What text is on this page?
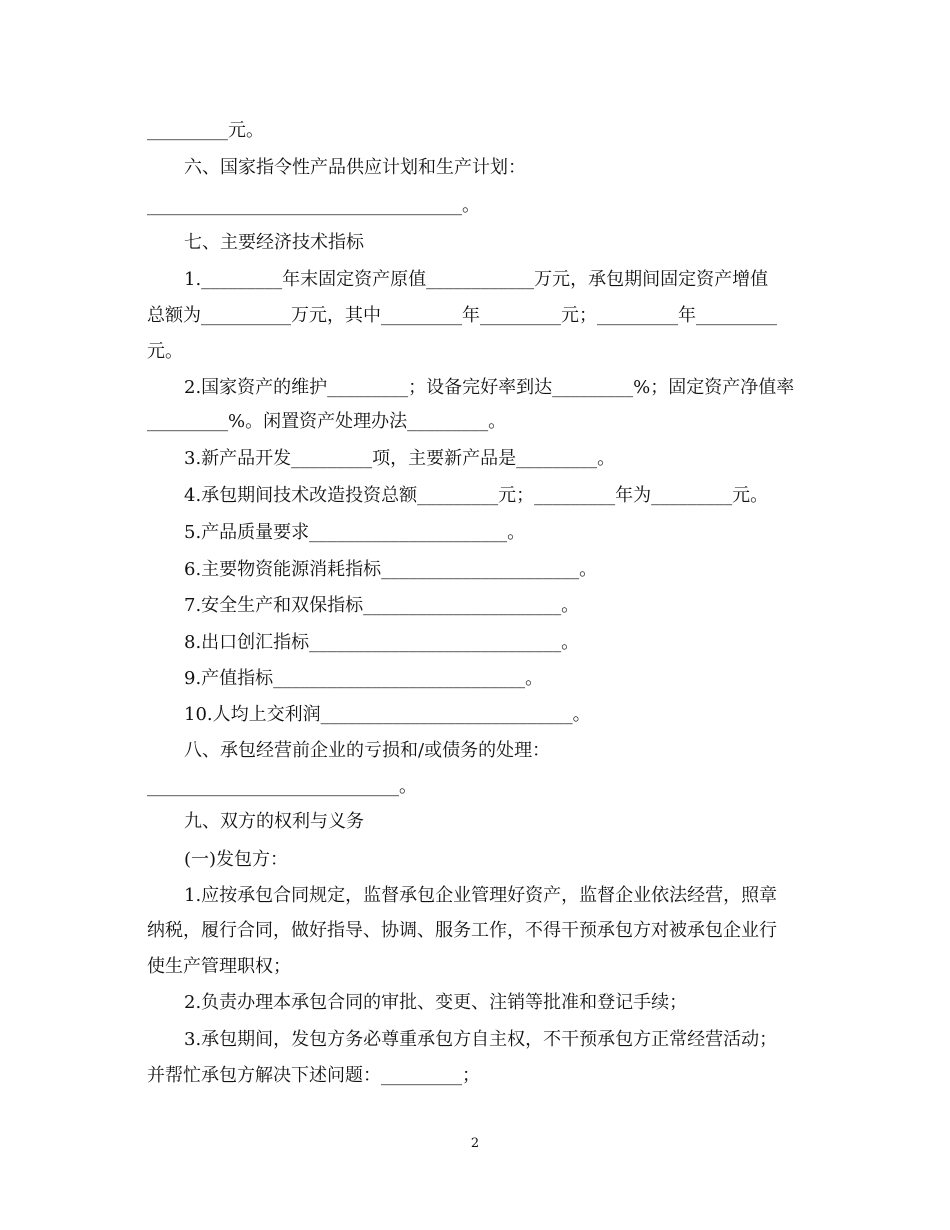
_________元。
六、国家指令性产品供应计划和生产计划：
___________________________________。
七、主要经济技术指标
1._________年末固定资产原值____________万元，承包期间固定资产增值
总额为__________万元，其中_________年_________元；_________年_________
元。
2.国家资产的维护_________；设备完好率到达_________%；固定资产净值率
_________%。闲置资产处理办法_________。
3.新产品开发_________项，主要新产品是_________。
4.承包期间技术改造投资总额_________元；_________年为_________元。
5.产品质量要求______________________。
6.主要物资能源消耗指标______________________。
7.安全生产和双保指标______________________。
8.出口创汇指标____________________________。
9.产值指标____________________________。
10.人均上交利润____________________________。
八、承包经营前企业的亏损和/或债务的处理：
____________________________。
九、双方的权利与义务
(一)发包方：
1.应按承包合同规定，监督承包企业管理好资产，监督企业依法经营，照章
纳税，履行合同，做好指导、协调、服务工作，不得干预承包方对被承包企业行
使生产管理职权；
2.负责办理本承包合同的审批、变更、注销等批准和登记手续；
3.承包期间，发包方务必尊重承包方自主权，不干预承包方正常经营活动；
并帮忙承包方解决下述问题：_________；
2
